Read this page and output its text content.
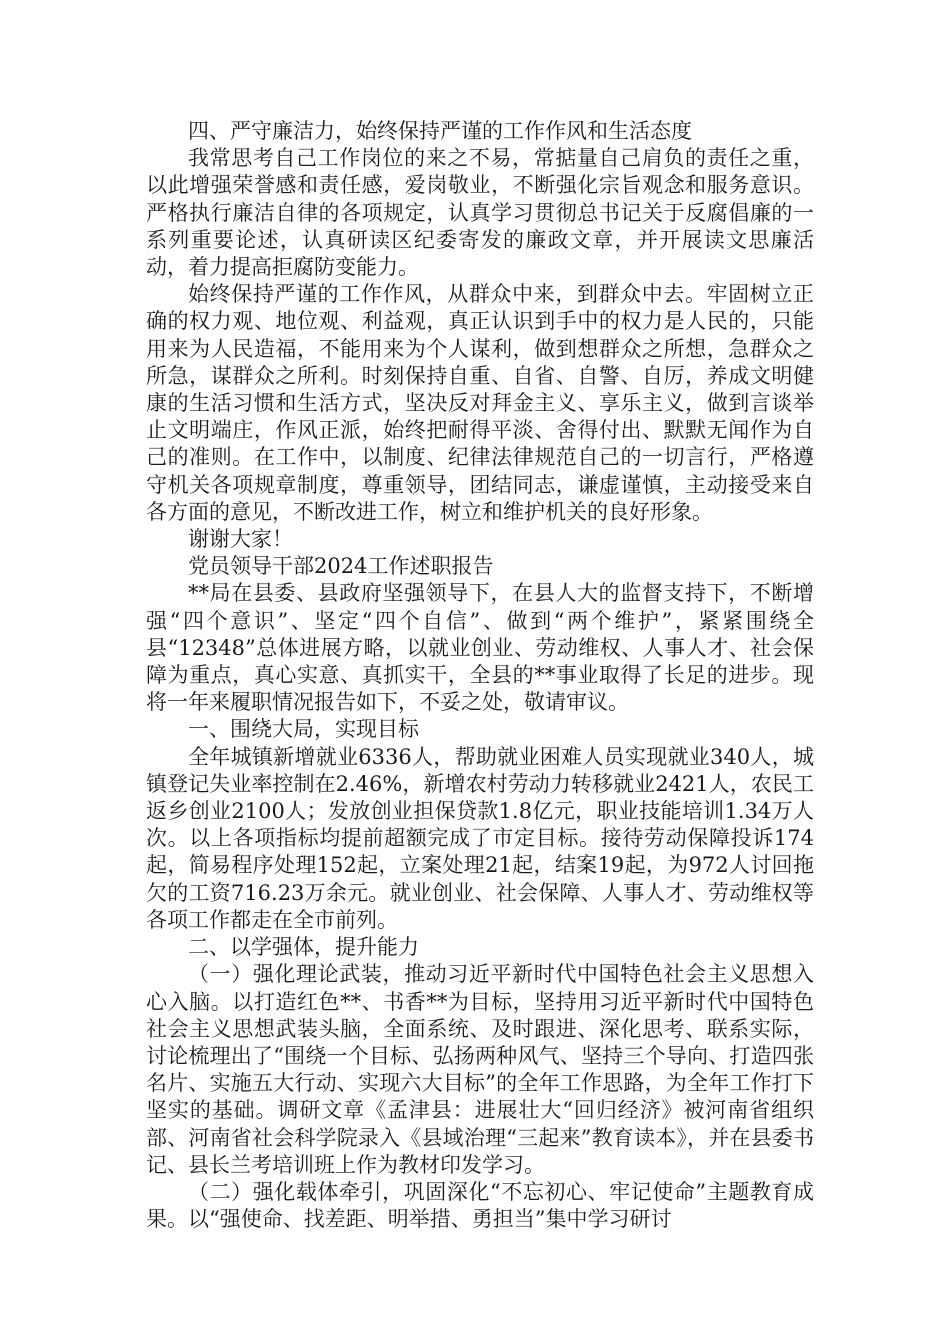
四、严守廉洁力，始终保持严谨的工作作风和生活态度

我常思考自己工作岗位的来之不易，常掂量自己肩负的责任之重，以此增强荣誉感和责任感，爱岗敬业，不断强化宗旨观念和服务意识。严格执行廉洁自律的各项规定，认真学习贯彻总书记关于反腐倡廉的一系列重要论述，认真研读区纪委寄发的廉政文章，并开展读文思廉活动，着力提高拒腐防变能力。

始终保持严谨的工作作风，从群众中来，到群众中去。牢固树立正确的权力观、地位观、利益观，真正认识到手中的权力是人民的，只能用来为人民造福，不能用来为个人谋利，做到想群众之所想，急群众之所急，谋群众之所利。时刻保持自重、自省、自警、自厉，养成文明健康的生活习惯和生活方式，坚决反对拜金主义、享乐主义，做到言谈举止文明端庄，作风正派，始终把耐得平淡、舍得付出、默默无闻作为自己的准则。在工作中，以制度、纪律法律规范自己的一切言行，严格遵守机关各项规章制度，尊重领导，团结同志，谦虚谨慎，主动接受来自各方面的意见，不断改进工作，树立和维护机关的良好形象。

谢谢大家！

党员领导干部2024工作述职报告

**局在县委、县政府坚强领导下，在县人大的监督支持下，不断增强“四个意识”、坚定“四个自信”、做到“两个维护”，紧紧围绕全县“12348”总体进展方略，以就业创业、劳动维权、人事人才、社会保障为重点，真心实意、真抓实干，全县的**事业取得了长足的进步。现将一年来履职情况报告如下，不妥之处，敬请审议。

一、围绕大局，实现目标

全年城镇新增就业6336人，帮助就业困难人员实现就业340人，城镇登记失业率控制在2.46%，新增农村劳动力转移就业2421人，农民工返乡创业2100人；发放创业担保贷款1.8亿元，职业技能培训1.34万人次。以上各项指标均提前超额完成了市定目标。接待劳动保障投诉174起，简易程序处理152起，立案处理21起，结案19起，为972人讨回拖欠的工资716.23万余元。就业创业、社会保障、人事人才、劳动维权等各项工作都走在全市前列。

二、以学强体，提升能力

（一）强化理论武装，推动习近平新时代中国特色社会主义思想入心入脑。以打造红色**、书香**为目标，坚持用习近平新时代中国特色社会主义思想武装头脑，全面系统、及时跟进、深化思考、联系实际，讨论梳理出了“围绕一个目标、弘扬两种风气、坚持三个导向、打造四张名片、实施五大行动、实现六大目标”的全年工作思路，为全年工作打下坚实的基础。调研文章《孟津县：进展壮大“回归经济》被河南省组织部、河南省社会科学院录入《县域治理“三起来”教育读本》，并在县委书记、县长兰考培训班上作为教材印发学习。

（二）强化载体牵引，巩固深化“不忘初心、牢记使命”主题教育成果。以“强使命、找差距、明举措、勇担当”集中学习研讨
